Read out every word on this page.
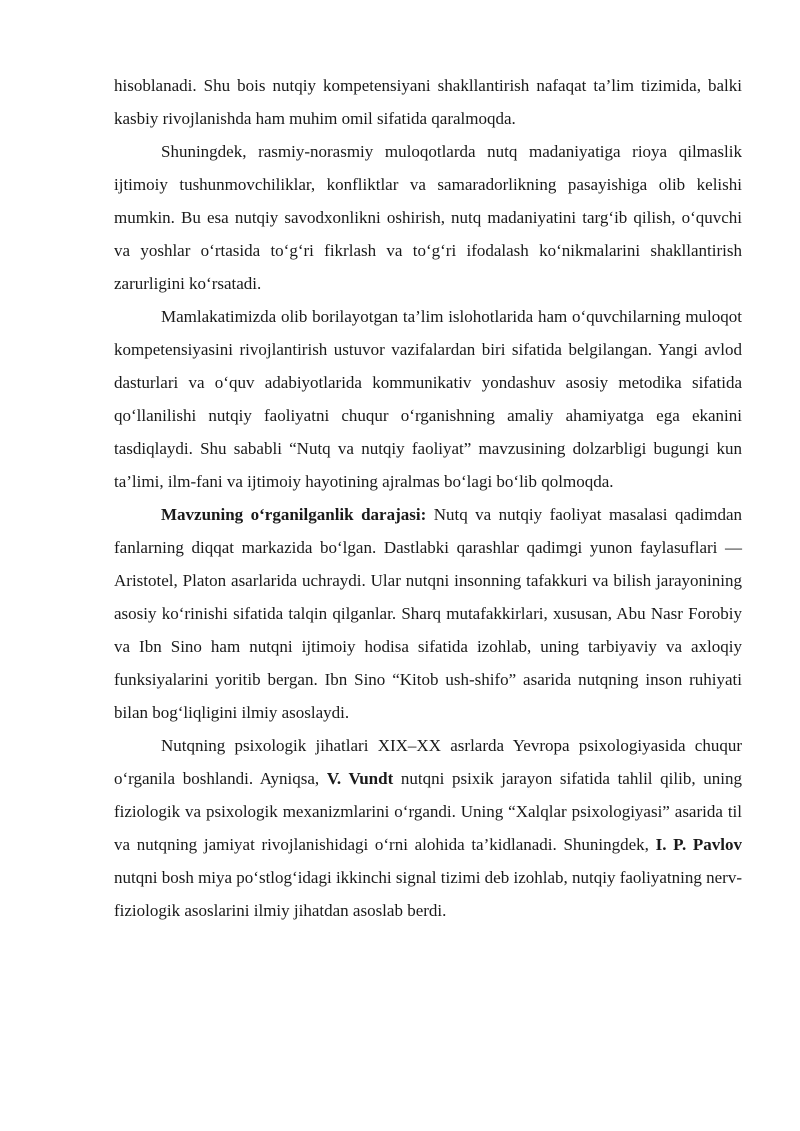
hisoblanadi. Shu bois nutqiy kompetensiyani shakllantirish nafaqat ta’lim tizimida, balki kasbiy rivojlanishda ham muhim omil sifatida qaralmoqda.

Shuningdek, rasmiy-norasmiy muloqotlarda nutq madaniyatiga rioya qilmaslik ijtimoiy tushunmovchiliklar, konfliktlar va samaradorlikning pasayishiga olib kelishi mumkin. Bu esa nutqiy savodxonlikni oshirish, nutq madaniyatini targ‘ib qilish, o‘quvchi va yoshlar o‘rtasida to‘g‘ri fikrlash va to‘g‘ri ifodalash ko‘nikmalarini shakllantirish zarurligini ko‘rsatadi.

Mamlakatimizda olib borilayotgan ta’lim islohotlarida ham o‘quvchilarning muloqot kompetensiyasini rivojlantirish ustuvor vazifalardan biri sifatida belgilangan. Yangi avlod dasturlari va o‘quv adabiyotlarida kommunikativ yondashuv asosiy metodika sifatida qo‘llanilishi nutqiy faoliyatni chuqur o‘rganishning amaliy ahamiyatga ega ekanini tasdiqlaydi. Shu sababli “Nutq va nutqiy faoliyat” mavzusining dolzarbligi bugungi kun ta’limi, ilm-fani va ijtimoiy hayotining ajralmas bo‘lagi bo‘lib qolmoqda.

Mavzuning o‘rganilganlik darajasi: Nutq va nutqiy faoliyat masalasi qadimdan fanlarning diqqat markazida bo‘lgan. Dastlabki qarashlar qadimgi yunon faylasuflari — Aristotel, Platon asarlarida uchraydi. Ular nutqni insonning tafakkuri va bilish jarayonining asosiy ko‘rinishi sifatida talqin qilganlar. Sharq mutafakkirlari, xususan, Abu Nasr Forobiy va Ibn Sino ham nutqni ijtimoiy hodisa sifatida izohlab, uning tarbiyaviy va axloqiy funksiyalarini yoritib bergan. Ibn Sino “Kitob ush-shifo” asarida nutqning inson ruhiyati bilan bog‘liqligini ilmiy asoslaydi.

Nutqning psixologik jihatlari XIX–XX asrlarda Yevropa psixologiyasida chuqur o‘rganila boshlandi. Ayniqsa, V. Vundt nutqni psixik jarayon sifatida tahlil qilib, uning fiziologik va psixologik mexanizmlarini o‘rgandi. Uning “Xalqlar psixologiyasi” asarida til va nutqning jamiyat rivojlanishidagi o‘rni alohida ta’kidlanadi. Shuningdek, I. P. Pavlov nutqni bosh miya po‘stlog‘idagi ikkinchi signal tizimi deb izohlab, nutqiy faoliyatning nerv-fiziologik asoslarini ilmiy jihatdan asoslab berdi.
